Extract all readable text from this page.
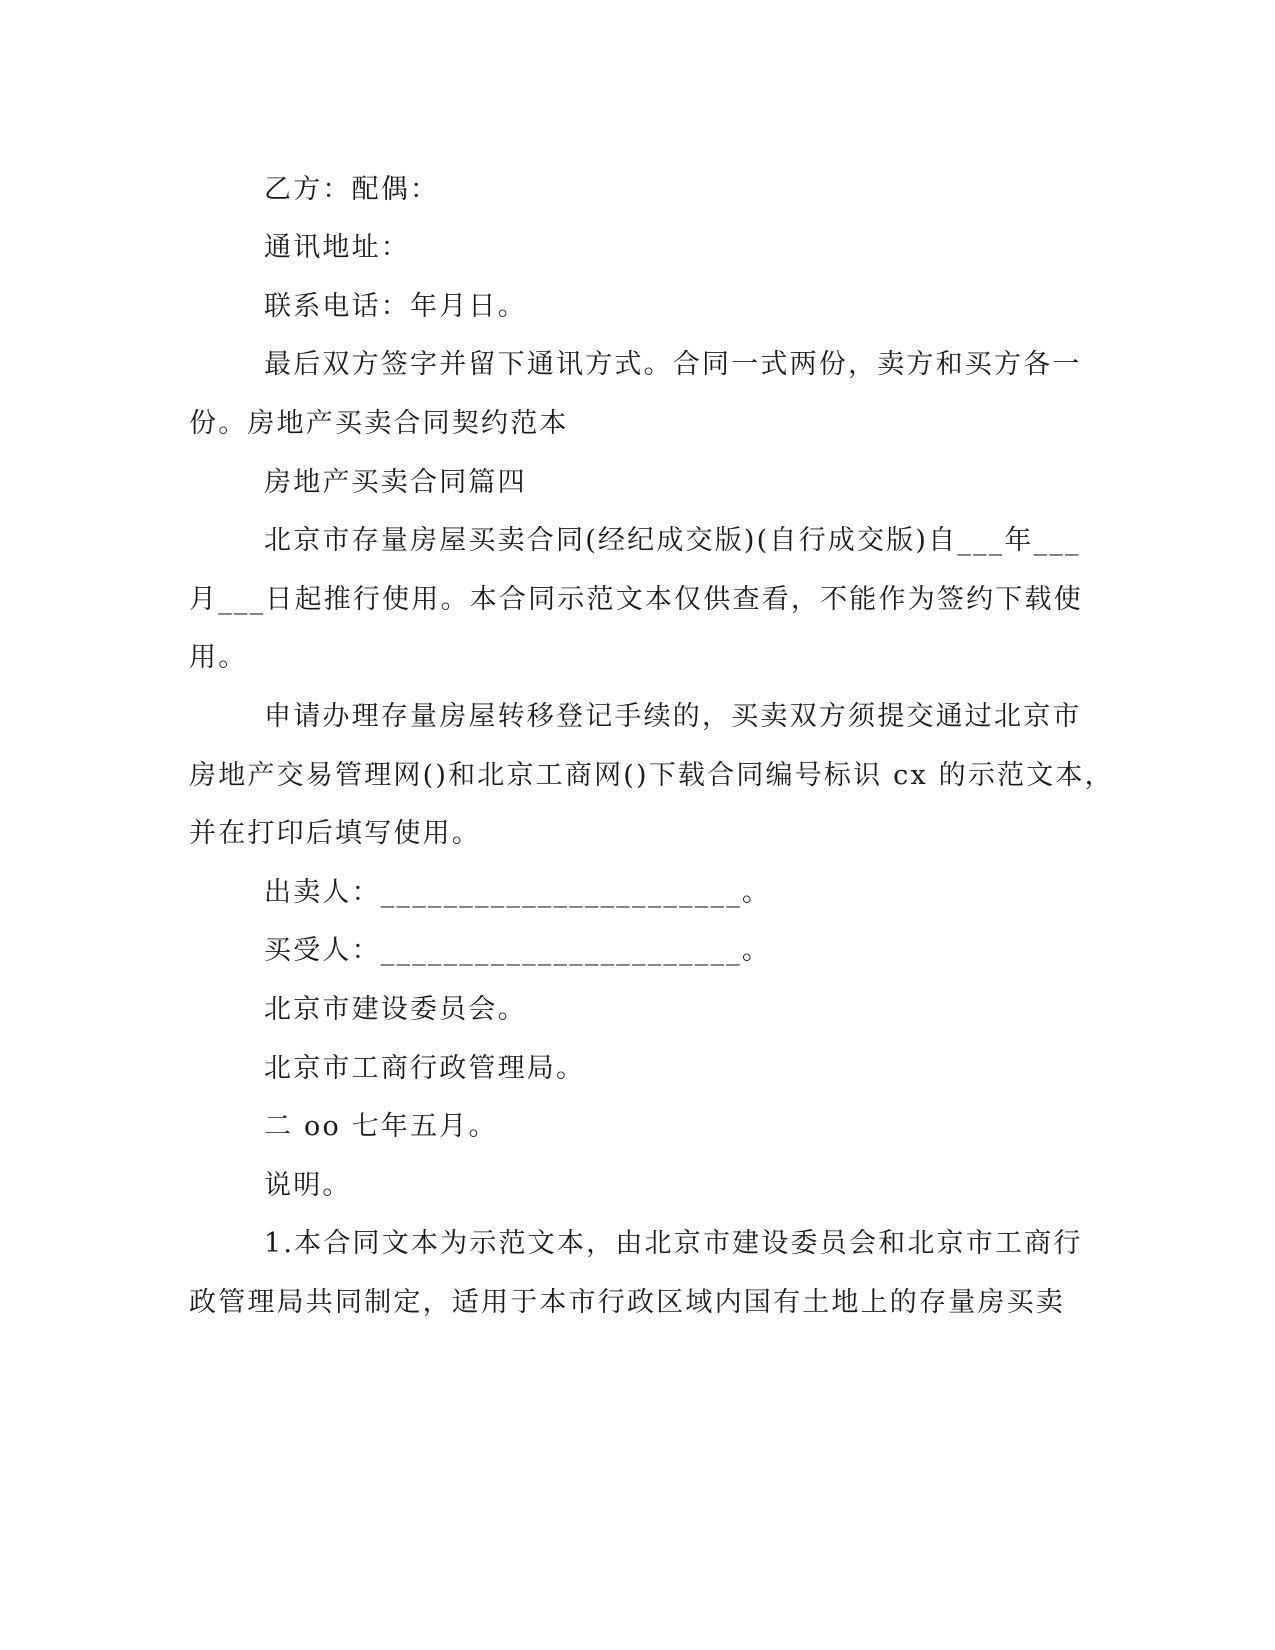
乙方：配偶：
通讯地址：
联系电话：年月日。
最后双方签字并留下通讯方式。合同一式两份，卖方和买方各一
份。房地产买卖合同契约范本
房地产买卖合同篇四
北京市存量房屋买卖合同(经纪成交版)(自行成交版)自___年___
月___日起推行使用。本合同示范文本仅供查看，不能作为签约下载使
用。
申请办理存量房屋转移登记手续的，买卖双方须提交通过北京市
房地产交易管理网()和北京工商网()下载合同编号标识 cx 的示范文本，
并在打印后填写使用。
出卖人：_______________________。
买受人：_______________________。
北京市建设委员会。
北京市工商行政管理局。
二 oo 七年五月。
说明。
1.本合同文本为示范文本，由北京市建设委员会和北京市工商行
政管理局共同制定，适用于本市行政区域内国有土地上的存量房买卖
